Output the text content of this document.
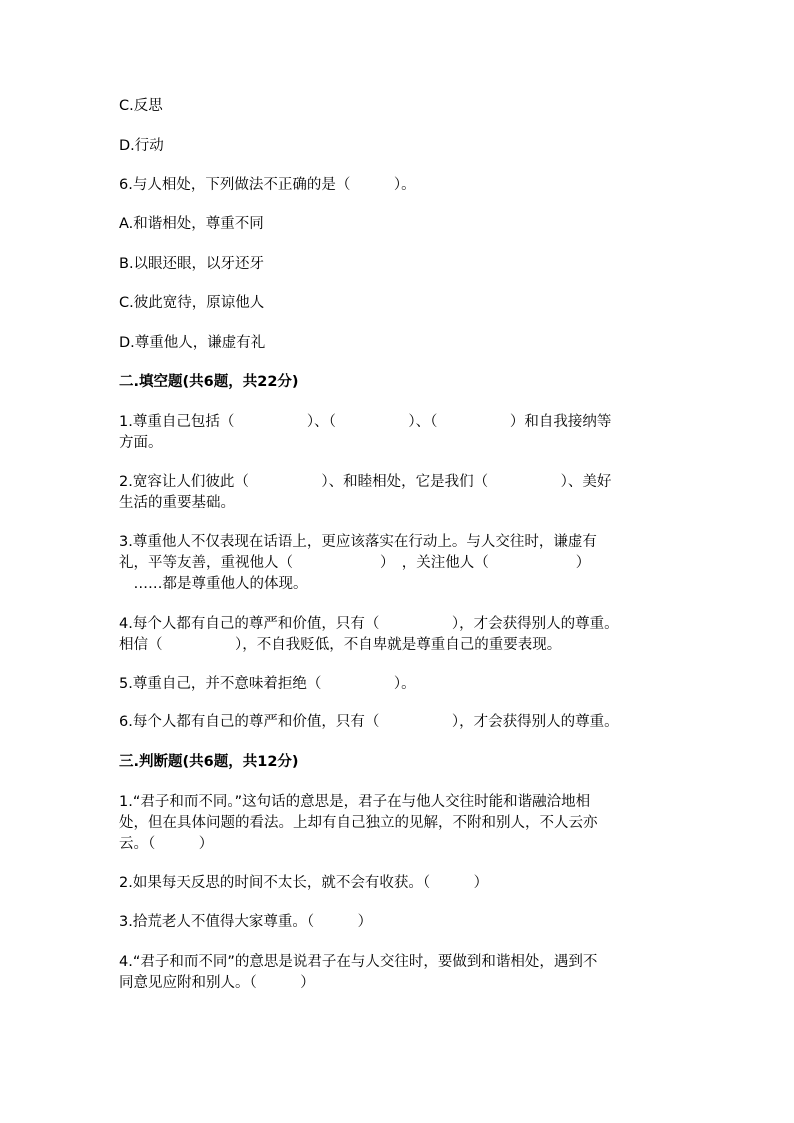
C.反思

D.行动

6.与人相处，下列做法不正确的是（　　　）。

A.和谐相处，尊重不同

B.以眼还眼，以牙还牙

C.彼此宽待，原谅他人

D.尊重他人，谦虚有礼

二.填空题(共6题，共22分)

1.尊重自己包括（　　　　　）、（　　　　　）、（　　　　　）和自我接纳等

方面。

2.宽容让人们彼此（　　　　　）、和睦相处，它是我们（　　　　　）、美好

生活的重要基础。

3.尊重他人不仅表现在话语上，更应该落实在行动上。与人交往时，谦虚有

礼，平等友善，重视他人（　　　　　　）　，关注他人（　　　　　　）

　……都是尊重他人的体现。

4.每个人都有自己的尊严和价值，只有（　　　　　），才会获得别人的尊重。

相信（　　　　　），不自我贬低，不自卑就是尊重自己的重要表现。

5.尊重自己，并不意味着拒绝（　　　　　）。

6.每个人都有自己的尊严和价值，只有（　　　　　），才会获得别人的尊重。

三.判断题(共6题，共12分)

1.“君子和而不同。”这句话的意思是，君子在与他人交往时能和谐融洽地相

处，但在具体问题的看法。上却有自己独立的见解，不附和别人，不人云亦

云。（　　　）

2.如果每天反思的时间不太长，就不会有收获。（　　　）

3.拾荒老人不值得大家尊重。（　　　）

4.“君子和而不同”的意思是说君子在与人交往时，要做到和谐相处，遇到不

同意见应附和别人。（　　　）
